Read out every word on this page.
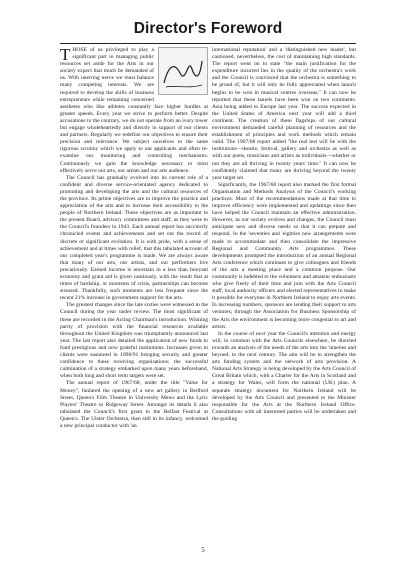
Director's Foreword

THOSE of us privileged to play a significant part in managing public resources set aside for the Arts in our society expect that much be demanded of us. With unerring nerve we must balance many competing interests. We are required to develop the skills of business entrepreneurs while remaining concerned aesthetes who like athletes constantly face higher hurdles at greater speeds. Every year we strive to perform better. Despite accusations to the contrary, we do not operate from an ivory tower but engage wholeheartedly and directly in support of our clients and partners. Regularly we redefine our objectives to ensure their precision and relevance. We subject ourselves to the same rigorous scrutiny which we apply to our applicants and often re-examine our monitoring and controlling mechanisms. Continuously we gain the knowledge necessary to most effectively serve our arts, our artists and our arts audience.

The Council has gradually evolved into its current role of a confident and diverse service-orientated agency dedicated to promoting and developing the arts and the cultural resources of the province. Its prime objectives are to improve the practice and appreciation of the arts and to increase their accessibility to the people of Northern Ireland. These objectives are as important to the present Board, advisory committees and staff, as they were to the Council's founders in 1943. Each annual report has succinctly chronicled events and achievements and set out the record of discrete or significant evolution. It is with pride, with a sense of achievement and at times with relief, that this tabulated account of our completed year's programme is made. We are always aware that many of our arts, our artists, and our performers live precariously. Earned income is uncertain in a less than buoyant economy and grant aid is given cautiously, with the result that at times of hardship, or moments of crisis, partnerships can become stressed. Thankfully, such moments are less frequent since the recent 21% increase in government support for the arts.

The greatest changes since the late sixties were witnessed in the Council during the year under review. The most significant of these are recorded in the Acting Chairman's introduction. Winning parity of provision with the financial resources available throughout the United Kingdom was triumphantly announced last year. The last report also detailed the application of new funds to fund prestigious and now grateful institutions. Increases given to clients were sustained in 1990/91 bringing security and greater confidence to these receiving organisations; the successful culmination of a strategy embarked upon many years beforehand, when both long and short term targets were set.

The annual report of 1967/68, under the title "Value for Money", fanfared the opening of a new art gallery in Bedford Street, Queen's Film Theatre in University Mews and the Lyric Players' Theatre in Ridgeway Street. Amongst its details it also tabulated the Council's first grant to the Belfast Festival at Queen's. The Ulster Orchestra, then still in its infancy, welcomed a new principal conductor with 'an

international reputation' and a 'distinguished new leader', but cautioned, nevertheless, the cost of maintaining high standards. The report went on to state "the main justification for the expenditure incurred lies in the quality of the orchestra's work and the Council is convinced that the orchestra is something to be proud of, but it will only be fully appreciated when launch begins to be won in musical centres overseas." It can now be reported that these laurels have been won on two continents. Asia being added to Europe last year. The success expected in the United States of America next year will add a third continent. The creation of these flagships of our cultural environment demanded careful planning of resources and the establishment of principles and work methods which remain valid. The 1967/68 report added "the real test will lie with the institutions—theatre, festival, gallery and orchestra as well as with our poets, musicians and artists as individuals—whether or not they are all thriving in twenty years' time." It can now be confidently claimed that many are thriving beyond the twenty year target set.

Significantly, the 1967/68 report also marked the first formal Organisation and Methods Analysis of the Council's working practices. Most of the recommendations made at that time to improve efficiency were implemented and updatings since then have helped the Council maintain an effective administration. However, as our society evolves and changes, the Council must anticipate new and diverse needs so that it can prepare and respond. In the 'seventies and 'eighties new arrangements were made to accommodate and then consolidate the impressive Regional and Community Arts programmes. These developments prompted the introduction of an annual Regional Arts conference which continues to give colleagues and friends of the arts a meeting place and a common purpose. Our community is indebted to the volunteers and amateur enthusiasts who give freely of their time and join with the Arts Council staff, local authority officers and elected representatives to make it possible for everyone in Northern Ireland to enjoy arts events. In increasing numbers, sponsors are lending their support to arts ventures; through the Association for Business Sponsorship of the Arts the environment is becoming more congenial to art and artists.

In the course of next year the Council's attention and energy will, in common with the Arts Councils elsewhere, be directed towards an analysis of the needs of the arts into the 'nineties and beyond, to the next century. The aim will be to strengthen the arts funding system and the network of arts provision. A National Arts Strategy is being developed by the Arts Council of Great Britain which, with a Charter for the Arts in Scotland and a strategy for Wales, will form the national (UK) plan. A separate strategy document for Northern Ireland will be developed by the Arts Council and presented to the Minister responsible for the Arts at the Northern Ireland Office. Consultations with all interested parties will be undertaken and the guiding

5
